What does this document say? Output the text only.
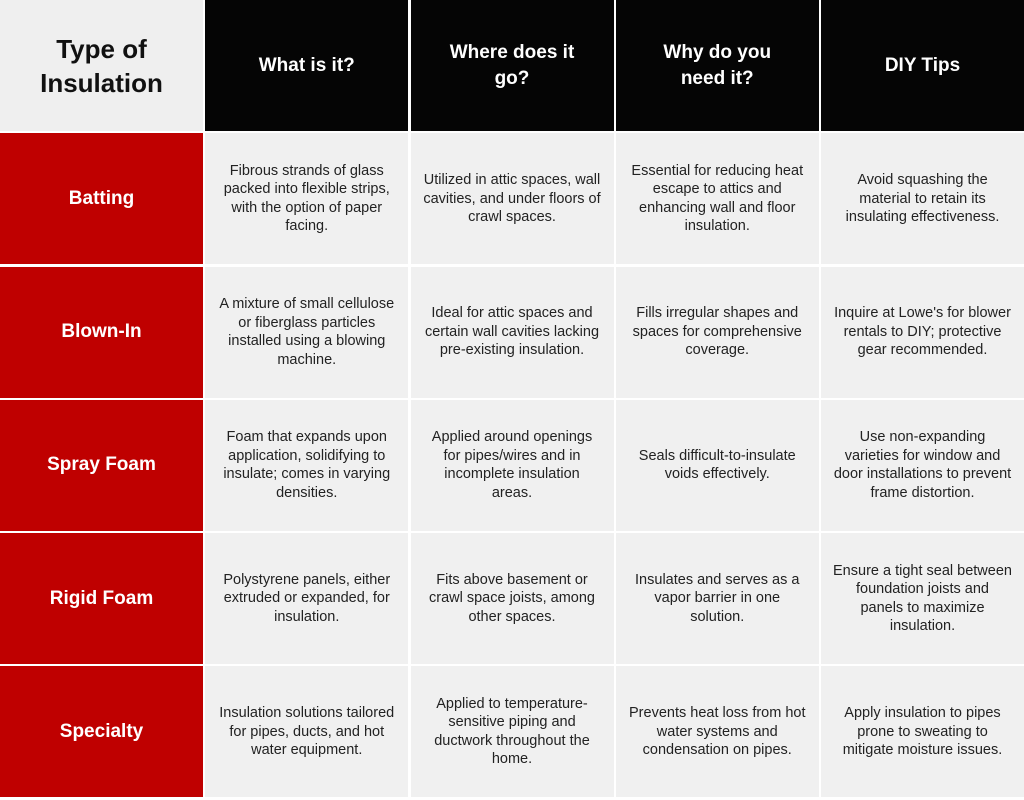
Type of Insulation
What is it?
Where does it go?
Why do you need it?
DIY Tips
Batting
Fibrous strands of glass packed into flexible strips, with the option of paper facing.
Utilized in attic spaces, wall cavities, and under floors of crawl spaces.
Essential for reducing heat escape to attics and enhancing wall and floor insulation.
Avoid squashing the material to retain its insulating effectiveness.
Blown-In
A mixture of small cellulose or fiberglass particles installed using a blowing machine.
Ideal for attic spaces and certain wall cavities lacking pre-existing insulation.
Fills irregular shapes and spaces for comprehensive coverage.
Inquire at Lowe's for blower rentals to DIY; protective gear recommended.
Spray Foam
Foam that expands upon application, solidifying to insulate; comes in varying densities.
Applied around openings for pipes/wires and in incomplete insulation areas.
Seals difficult-to-insulate voids effectively.
Use non-expanding varieties for window and door installations to prevent frame distortion.
Rigid Foam
Polystyrene panels, either extruded or expanded, for insulation.
Fits above basement or crawl space joists, among other spaces.
Insulates and serves as a vapor barrier in one solution.
Ensure a tight seal between foundation joists and panels to maximize insulation.
Specialty
Insulation solutions tailored for pipes, ducts, and hot water equipment.
Applied to temperature-sensitive piping and ductwork throughout the home.
Prevents heat loss from hot water systems and condensation on pipes.
Apply insulation to pipes prone to sweating to mitigate moisture issues.
